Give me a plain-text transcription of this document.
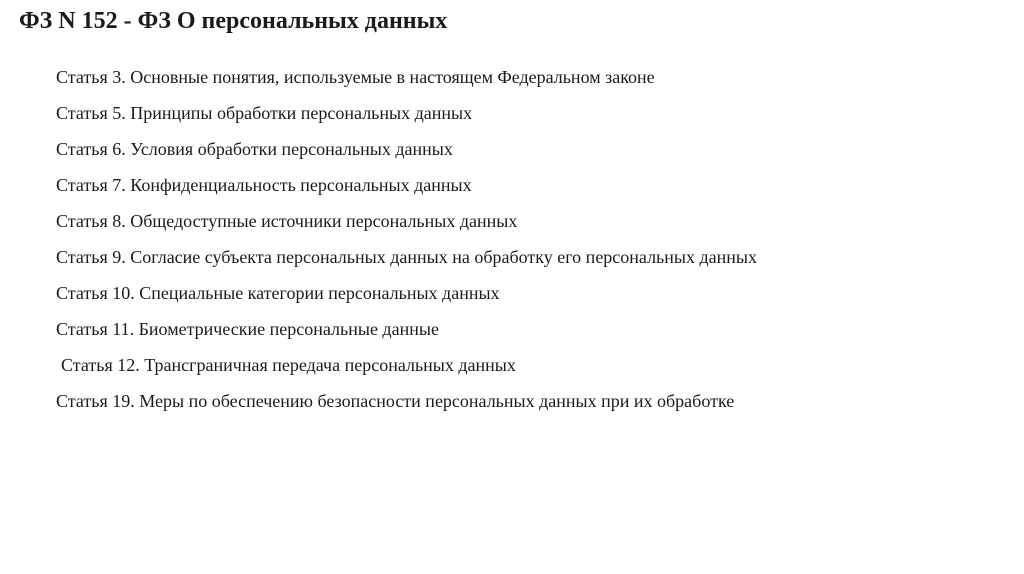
ФЗ N 152 - ФЗ О персональных данных
Статья 3. Основные понятия, используемые в настоящем Федеральном законе
Статья 5. Принципы обработки персональных данных
Статья 6. Условия обработки персональных данных
Статья 7. Конфиденциальность персональных данных
Статья 8. Общедоступные источники персональных данных
Статья 9. Согласие субъекта персональных данных на обработку его персональных данных
Статья 10. Специальные категории персональных данных
Статья 11. Биометрические персональные данные
Статья 12. Трансграничная передача персональных данных
Статья 19. Меры по обеспечению безопасности персональных данных при их обработке
